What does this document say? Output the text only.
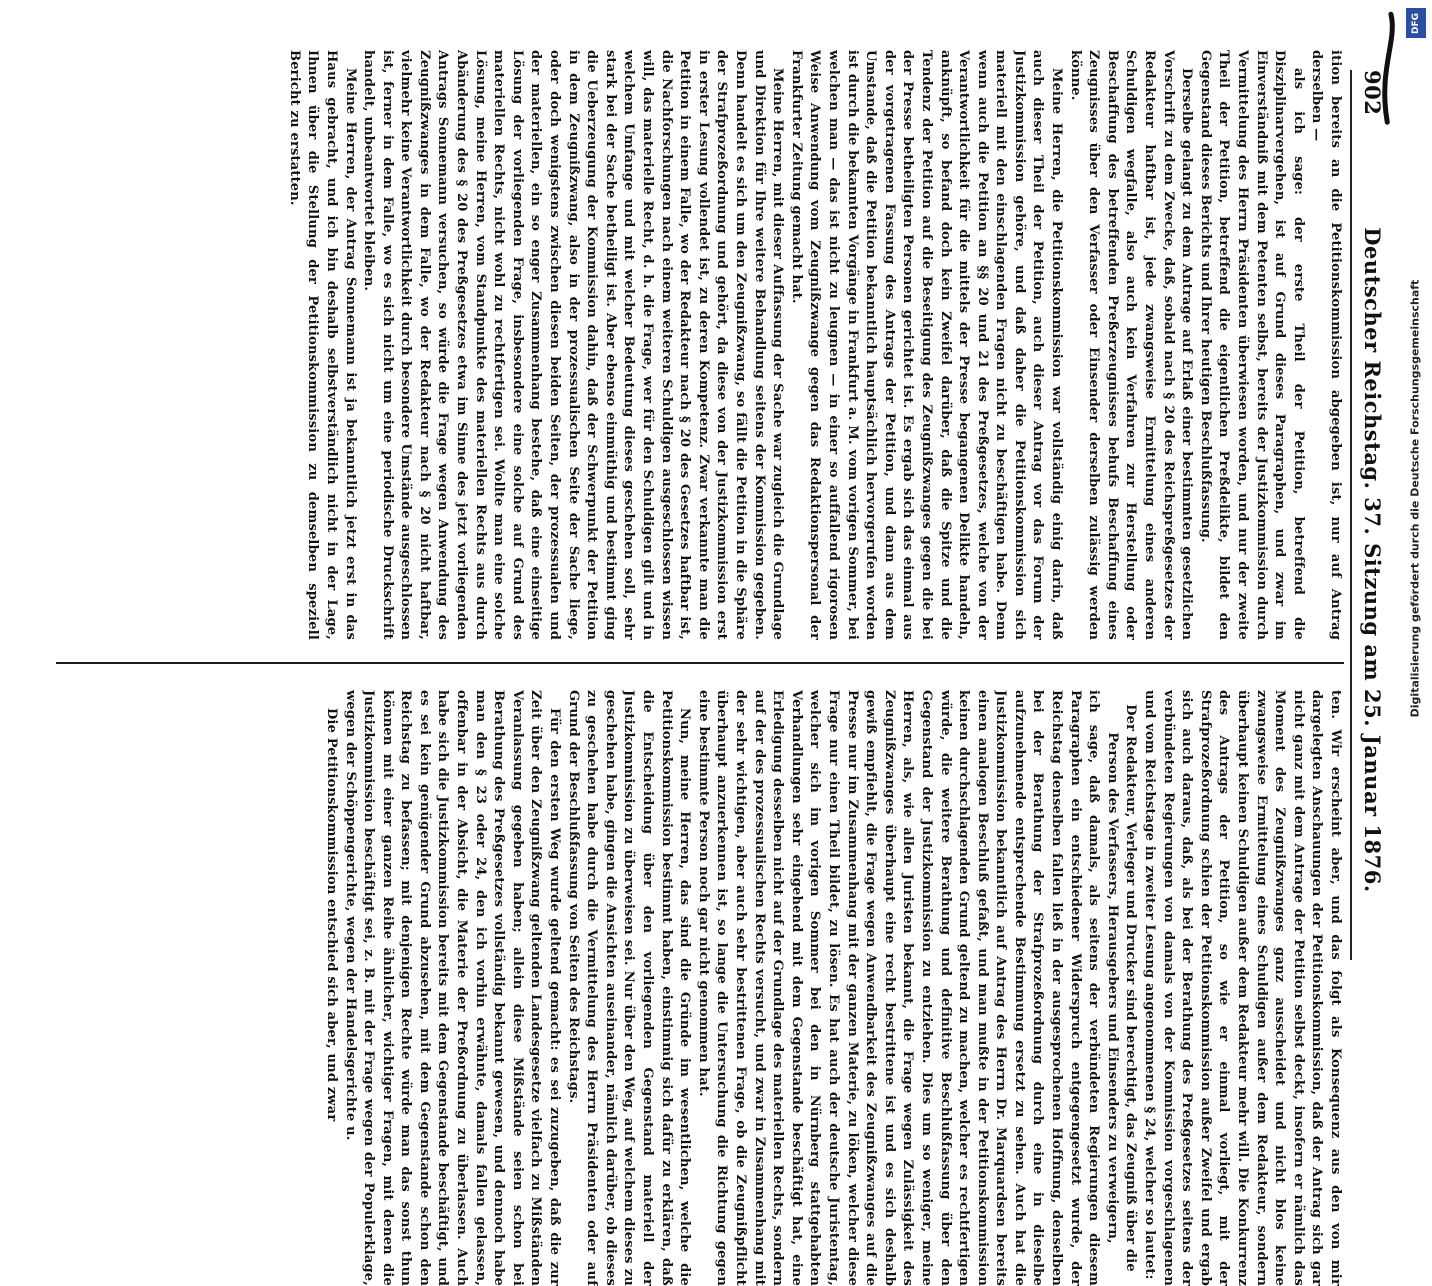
902
Deutscher Reichstag. 37. Sitzung am 25. Januar 1876.

ition bereits an die Petitionskommission abgegeben ist, nur auf Antrag derselben —

als ich sage: der erste Theil der Petition, betreffend die Disziplinarvergehen, ist auf Grund dieses Paragraphen, und zwar im Einverständniß mit dem Petenten selbst, bereits der Justizkommission durch Vermittelung des Herrn Präsidenten überwiesen worden, und nur der zweite Theil der Petition, betreffend die eigentlichen Preßdelikte, bildet den Gegenstand dieses Berichts und Ihrer heutigen Beschlußfassung.

Derselbe gelangt zu dem Antrage auf Erlaß einer bestimmten gesetzlichen Vorschrift zu dem Zwecke, daß, sobald nach § 20 des Reichspreßgesetzes der Redakteur haftbar ist, jede zwangsweise Ermittelung eines anderen Schuldigen wegfalle, also auch kein Verfahren zur Herstellung oder Beschaffung des betreffenden Preßerzeugnisses behufs Beschaffung eines Zeugnisses über den Verfasser oder Einsender derselben zulässig werden könne.

Meine Herren, die Petitionskommission war vollständig einig darin, daß auch dieser Theil der Petition, auch dieser Antrag vor das Forum der Justizkommission gehöre, und daß daher die Petitionskommission sich materiell mit den einschlagenden Fragen nicht zu beschäftigen habe. Denn wenn auch die Petition an §§ 20 und 21 des Preßgesetzes, welche von der Verantwortlichkeit für die mittels der Presse begangenen Delikte handeln, anknüpft, so befand doch kein Zweifel darüber, daß die Spitze und die Tendenz der Petition auf die Beseitigung des Zeugnißzwanges gegen die bei der Presse betheiligten Personen gerichtet ist. Es ergab sich das einmal aus der vorgetragenen Fassung des Antrags der Petition, und dann aus dem Umstande, daß die Petition bekanntlich hauptsächlich hervorgerufen worden ist durch die bekannten Vorgänge in Frankfurt a. M. vom vorigen Sommer, bei welchen man — das ist nicht zu leugnen — in einer so auffallend rigorosen Weise Anwendung vom Zeugnißzwange gegen das Redaktionspersonal der Frankfurter Zeitung gemacht hat.

Meine Herren, mit dieser Auffassung der Sache war zugleich die Grundlage und Direktion für Ihre weitere Behandlung seitens der Kommission gegeben. Denn handelt es sich um den Zeugnißzwang, so fällt die Petition in die Sphäre der Strafprozeßordnung und gehört, da diese von der Justizkommission erst in erster Lesung vollendet ist, zu deren Kompetenz. Zwar verkannte man die Petition in einem Falle, wo der Redakteur nach § 20 des Gesetzes haftbar ist, die Nachforschungen nach einem weiteren Schuldigen ausgeschlossen wissen will, das materielle Recht, d. h. die Frage, wer für den Schuldigen gilt und in welchem Umfange und mit welcher Bedeutung dieses geschehen soll, sehr stark bei der Sache betheiligt ist. Aber ebenso einmüthig und bestimmt ging die Ueberzeugung der Kommission dahin, daß der Schwerpunkt der Petition in dem Zeugnißzwang, also in der prozessualischen Seite der Sache liege, oder doch wenigstens zwischen diesen beiden Seiten, der prozessualen und der materiellen, ein so enger Zusammenhang bestehe, daß eine einseitige Lösung der vorliegenden Frage, insbesondere eine solche auf Grund des materiellen Rechts, nicht wohl zu rechtfertigen sei. Wollte man eine solche Lösung, meine Herren, vom Standpunkte des materiellen Rechts aus durch Abänderung des § 20 des Preßgesetzes etwa im Sinne des jetzt vorliegenden Antrags Sonnemann versuchen, so würde die Frage wegen Anwendung des Zeugnißzwanges in dem Falle, wo der Redakteur nach § 20 nicht haftbar, vielmehr keine Verantwortlichkeit durch besondere Umstände ausgeschlossen ist, ferner in dem Falle, wo es sich nicht um eine periodische Druckschrift handelt, unbeantwortet bleiben.

Meine Herren, der Antrag Sonnemann ist ja bekanntlich jetzt erst in das Haus gebracht, und ich bin deshalb selbstverständlich nicht in der Lage, Ihnen über die Stellung der Petitionskommission zu demselben speziell Bericht zu erstatten.

ten. Wir erscheint aber, und das folgt als Konsequenz aus den von mir dargelegten Anschauungen der Petitionskommission, daß der Antrag sich gar nicht ganz mit dem Antrage der Petition selbst deckt, insofern er nämlich das Moment des Zeugnißzwanges ganz ausscheidet und nicht blos keine zwangsweise Ermittelung eines Schuldigen außer dem Redakteur, sondern überhaupt keinen Schuldigen außer dem Redakteur mehr will. Die Konkurrenz des Antrags der Petition, so wie er einmal vorliegt, mit der Strafprozeßordnung schien der Petitionskommission außer Zweifel und ergab sich auch daraus, daß, als bei der Berathung des Preßgesetzes seitens der verbündeten Regierungen von damals von der Kommission vorgeschlagenen und vom Reichstage in zweiter Lesung angenommenen § 24, welcher so lautet:

Der Redakteur, Verleger und Drucker sind berechtigt, das Zeugniß über die Person des Verfassers, Herausgebers und Einsenders zu verweigern,

ich sage, daß damals, als seitens der verbündeten Regierungen diesem Paragraphen ein entschiedener Widerspruch entgegengesetzt wurde, der Reichstag denselben fallen ließ in der ausgesprochenen Hoffnung, denselben bei der Berathung der Strafprozeßordnung durch eine in dieselbe aufzunehmende entsprechende Bestimmung ersetzt zu sehen. Auch hat die Justizkommission bekanntlich auf Antrag des Herrn Dr. Marquardsen bereits einen analogen Beschluß gefaßt, und man mußte in der Petitionskommission keinen durchschlagenden Grund geltend zu machen, welcher es rechtfertigen würde, die weitere Berathung und definitive Beschlußfassung über den Gegenstand der Justizkommission zu entziehen. Dies um so weniger, meine Herren, als, wie allen Juristen bekannt, die Frage wegen Zulässigkeit des Zeugnißzwanges überhaupt eine recht bestrittene ist und es sich deshalb gewiß empfiehlt, die Frage wegen Anwendbarkeit des Zeugnißzwanges auf die Presse nur im Zusammenhang mit der ganzen Materie, zu löken, welcher diese Frage nur einen Theil bildet, zu lösen. Es hat auch der deutsche Juristentag, welcher sich im vorigen Sommer bei den in Nürnberg stattgehabten Verhandlungen sehr eingehend mit dem Gegenstande beschäftigt hat, eine Erledigung desselben nicht auf der Grundlage des materiellen Rechts, sondern auf der des prozessualischen Rechts versucht, und zwar in Zusammenhang mit der sehr wichtigen, aber auch sehr bestrittenen Frage, ob die Zeugnißpflicht überhaupt anzuerkennen ist, so lange die Untersuchung die Richtung gegen eine bestimmte Person noch gar nicht genommen hat.

Nun, meine Herren, das sind die Gründe im wesentlichen, welche die Petitionskommission bestimmt haben, einstimmig sich dafür zu erklären, daß die Entscheidung über den vorliegenden Gegenstand materiell der Justizkommission zu überweisen sei. Nur über den Weg, auf welchem dieses zu geschehen habe, gingen die Ansichten auseinander, nämlich darüber, ob dieses zu geschehen habe durch die Vermittelung des Herrn Präsidenten oder auf Grund der Beschlußfassung von Seiten des Reichstags.

Für den ersten Weg wurde geltend gemacht: es sei zuzugeben, daß die zur Zeit über den Zeugnißzwang geltenden Landesgesetze vielfach zu Mißständen Veranlassung gegeben haben; allein diese Mißstände seien schon bei Berathung des Preßgesetzes vollständig bekannt gewesen, und dennoch habe man den § 23 oder 24, den ich vorhin erwähnte, damals fallen gelassen, offenbar in der Absicht, die Materie der Preßordnung zu überlassen. Auch habe sich die Justizkommission bereits mit dem Gegenstande beschäftigt, und es sei kein genügender Grund abzusehen, mit dem Gegenstande schon den Reichstag zu befassen; mit denjenigen Rechte würde man das sonst thun können mit einer ganzen Reihe ähnlicher, wichtiger Fragen, mit denen die Justizkommission beschäftigt sei, z. B. mit der Frage wegen der Populerklage, wegen der Schöppengerichte, wegen der Handelsgerichte u.

Die Petitionskommission entschied sich aber, und zwar

Digitalisierung gefördert durch die Deutsche Forschungsgemeinschaft
DFG
